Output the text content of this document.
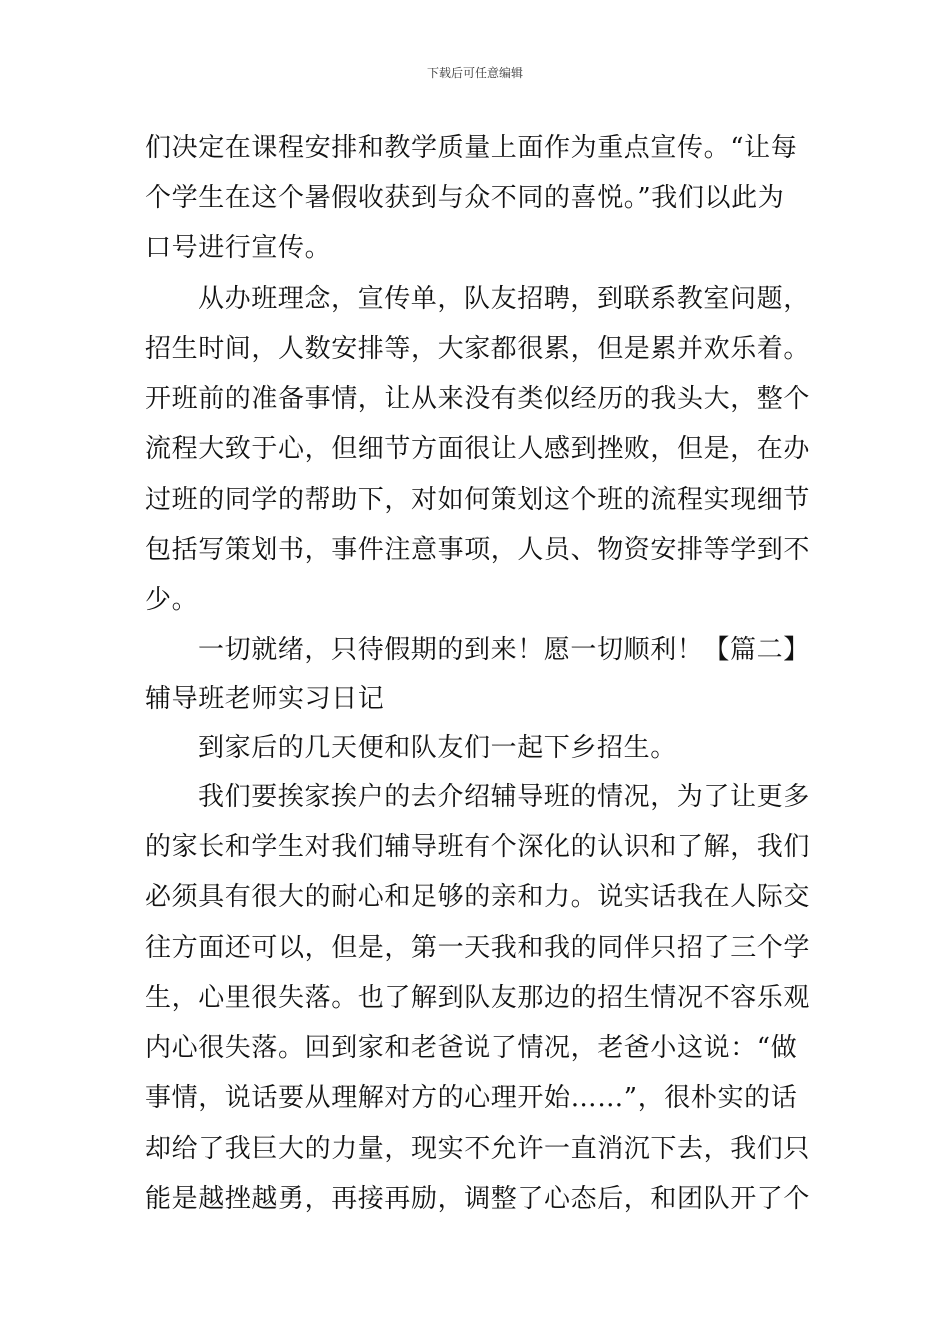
下载后可任意编辑
们决定在课程安排和教学质量上面作为重点宣传。“让每
个学生在这个暑假收获到与众不同的喜悦。”我们以此为
口号进行宣传。
从办班理念，宣传单，队友招聘，到联系教室问题，
招生时间，人数安排等，大家都很累，但是累并欢乐着。
开班前的准备事情，让从来没有类似经历的我头大，整个
流程大致于心，但细节方面很让人感到挫败，但是，在办
过班的同学的帮助下，对如何策划这个班的流程实现细节
包括写策划书，事件注意事项，人员、物资安排等学到不
少。
一切就绪，只待假期的到来！愿一切顺利！【篇二】
辅导班老师实习日记
到家后的几天便和队友们一起下乡招生。
我们要挨家挨户的去介绍辅导班的情况，为了让更多
的家长和学生对我们辅导班有个深化的认识和了解，我们
必须具有很大的耐心和足够的亲和力。说实话我在人际交
往方面还可以，但是，第一天我和我的同伴只招了三个学
生，心里很失落。也了解到队友那边的招生情况不容乐观
内心很失落。回到家和老爸说了情况，老爸小这说：“做
事情，说话要从理解对方的心理开始……”，很朴实的话
却给了我巨大的力量，现实不允许一直消沉下去，我们只
能是越挫越勇，再接再励，调整了心态后，和团队开了个
